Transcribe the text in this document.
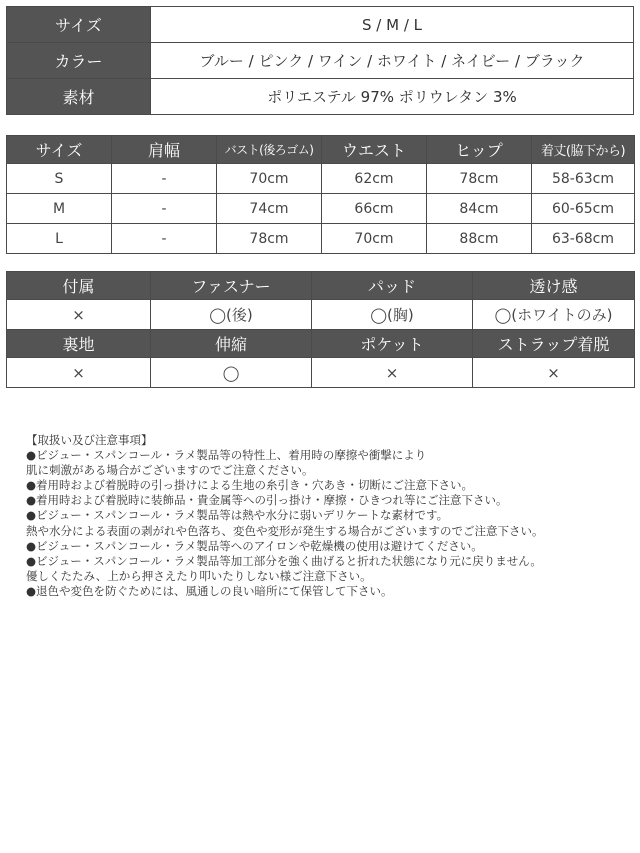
サイズ	S / M / L
カラー	ブルー / ピンク / ワイン / ホワイト / ネイビー / ブラック
素材	ポリエステル 97% ポリウレタン 3%
サイズ	肩幅	バスト(後ろゴム)	ウエスト	ヒップ	着丈(脇下から)
S	-	70cm	62cm	78cm	58-63cm
M	-	74cm	66cm	84cm	60-65cm
L	-	78cm	70cm	88cm	63-68cm
付属	ファスナー	パッド	透け感
×	◯(後)	◯(胸)	◯(ホワイトのみ)
裏地	伸縮	ポケット	ストラップ着脱
×	◯	×	×

【取扱い及び注意事項】

●ビジュー・スパンコール・ラメ製品等の特性上、着用時の摩擦や衝撃により

肌に刺激がある場合がございますのでご注意ください。

●着用時および着脱時の引っ掛けによる生地の糸引き・穴あき・切断にご注意下さい。

●着用時および着脱時に装飾品・貴金属等への引っ掛け・摩擦・ひきつれ等にご注意下さい。

●ビジュー・スパンコール・ラメ製品等は熱や水分に弱いデリケートな素材です。

熱や水分による表面の剥がれや色落ち、変色や変形が発生する場合がございますのでご注意下さい。

●ビジュー・スパンコール・ラメ製品等へのアイロンや乾燥機の使用は避けてください。

●ビジュー・スパンコール・ラメ製品等加工部分を強く曲げると折れた状態になり元に戻りません。

優しくたたみ、上から押さえたり叩いたりしない様ご注意下さい。

●退色や変色を防ぐためには、風通しの良い暗所にて保管して下さい。
